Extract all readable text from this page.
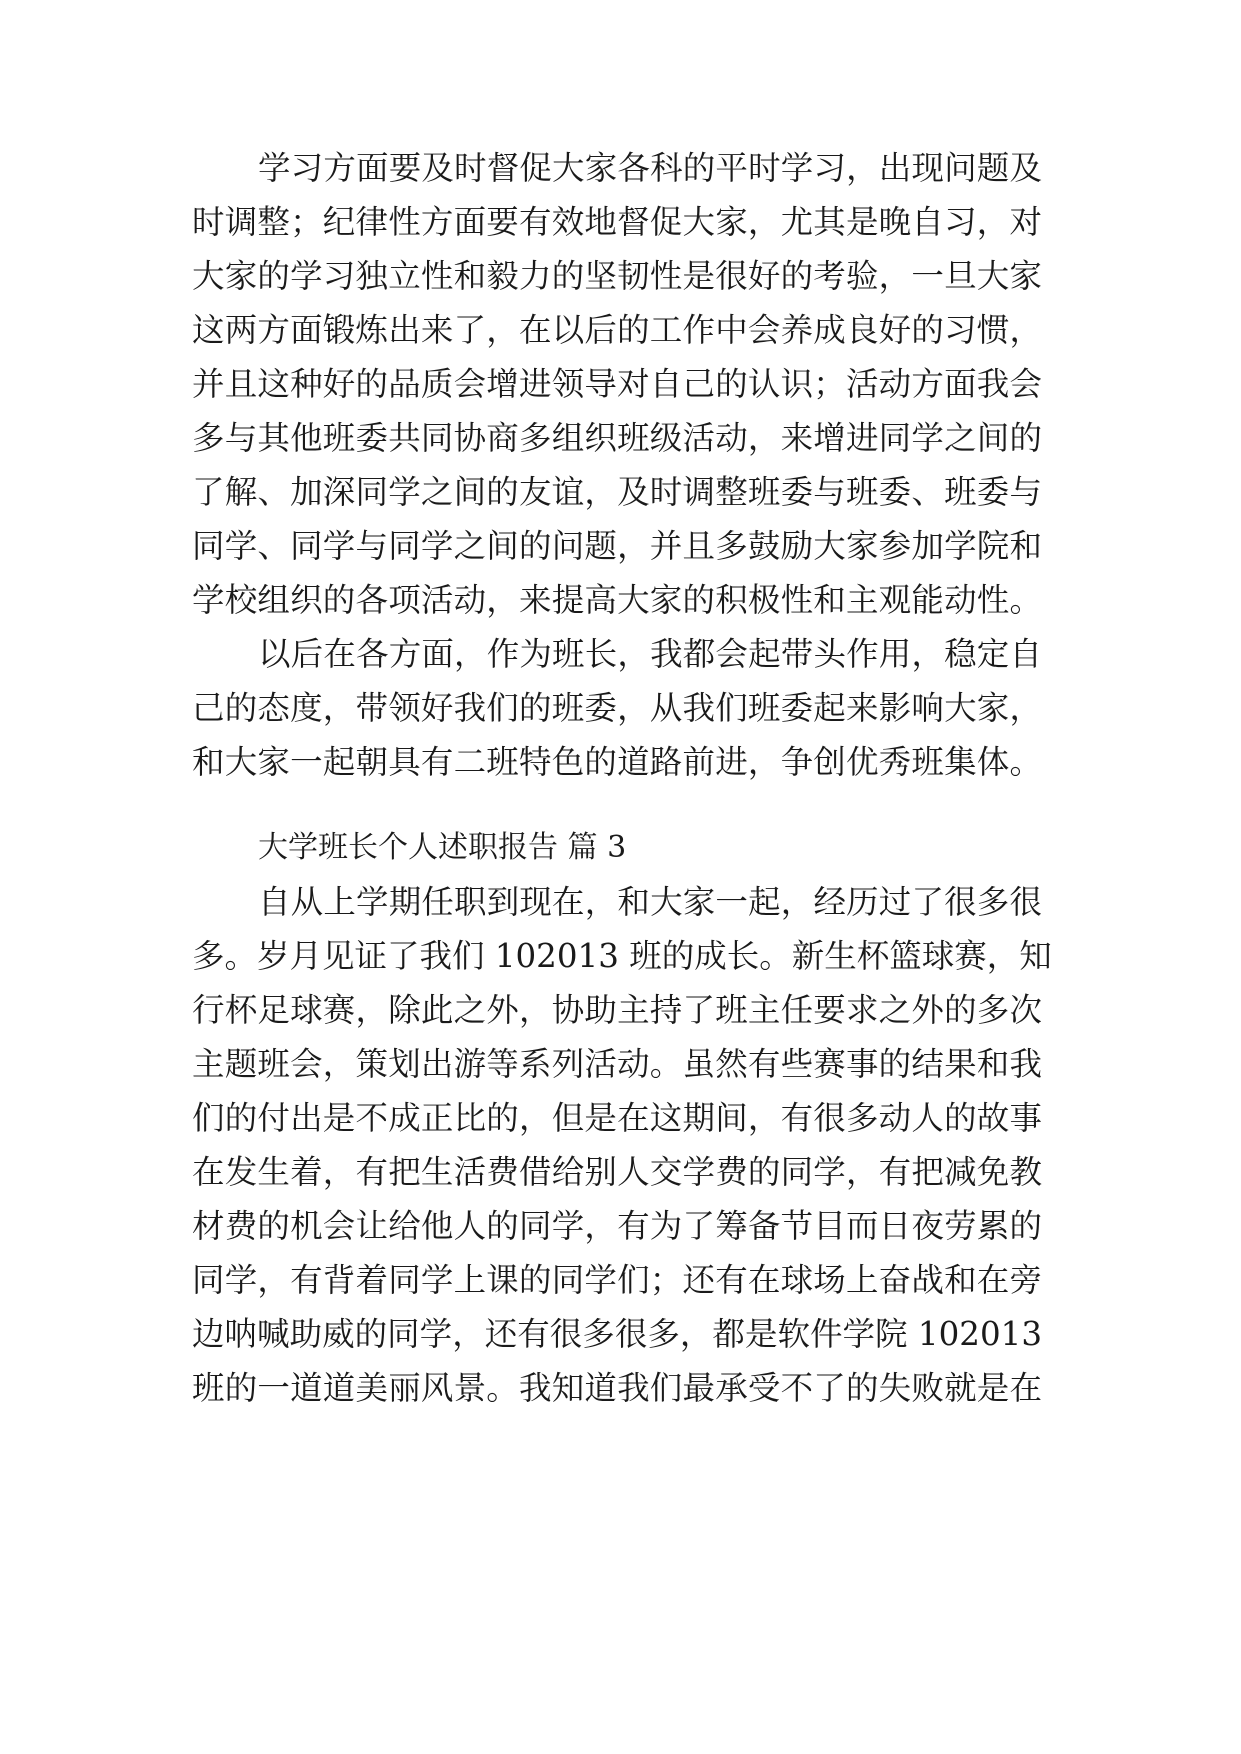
学习方面要及时督促大家各科的平时学习，出现问题及
时调整；纪律性方面要有效地督促大家，尤其是晚自习，对
大家的学习独立性和毅力的坚韧性是很好的考验，一旦大家
这两方面锻炼出来了，在以后的工作中会养成良好的习惯，
并且这种好的品质会增进领导对自己的认识；活动方面我会
多与其他班委共同协商多组织班级活动，来增进同学之间的
了解、加深同学之间的友谊，及时调整班委与班委、班委与
同学、同学与同学之间的问题，并且多鼓励大家参加学院和
学校组织的各项活动，来提高大家的积极性和主观能动性。
以后在各方面，作为班长，我都会起带头作用，稳定自
己的态度，带领好我们的班委，从我们班委起来影响大家，
和大家一起朝具有二班特色的道路前进，争创优秀班集体。
大学班长个人述职报告 篇 3
自从上学期任职到现在，和大家一起，经历过了很多很
多。岁月见证了我们 102013 班的成长。新生杯篮球赛，知
行杯足球赛，除此之外，协助主持了班主任要求之外的多次
主题班会，策划出游等系列活动。虽然有些赛事的结果和我
们的付出是不成正比的，但是在这期间，有很多动人的故事
在发生着，有把生活费借给别人交学费的同学，有把减免教
材费的机会让给他人的同学，有为了筹备节目而日夜劳累的
同学，有背着同学上课的同学们；还有在球场上奋战和在旁
边呐喊助威的同学，还有很多很多，都是软件学院 102013
班的一道道美丽风景。我知道我们最承受不了的失败就是在
